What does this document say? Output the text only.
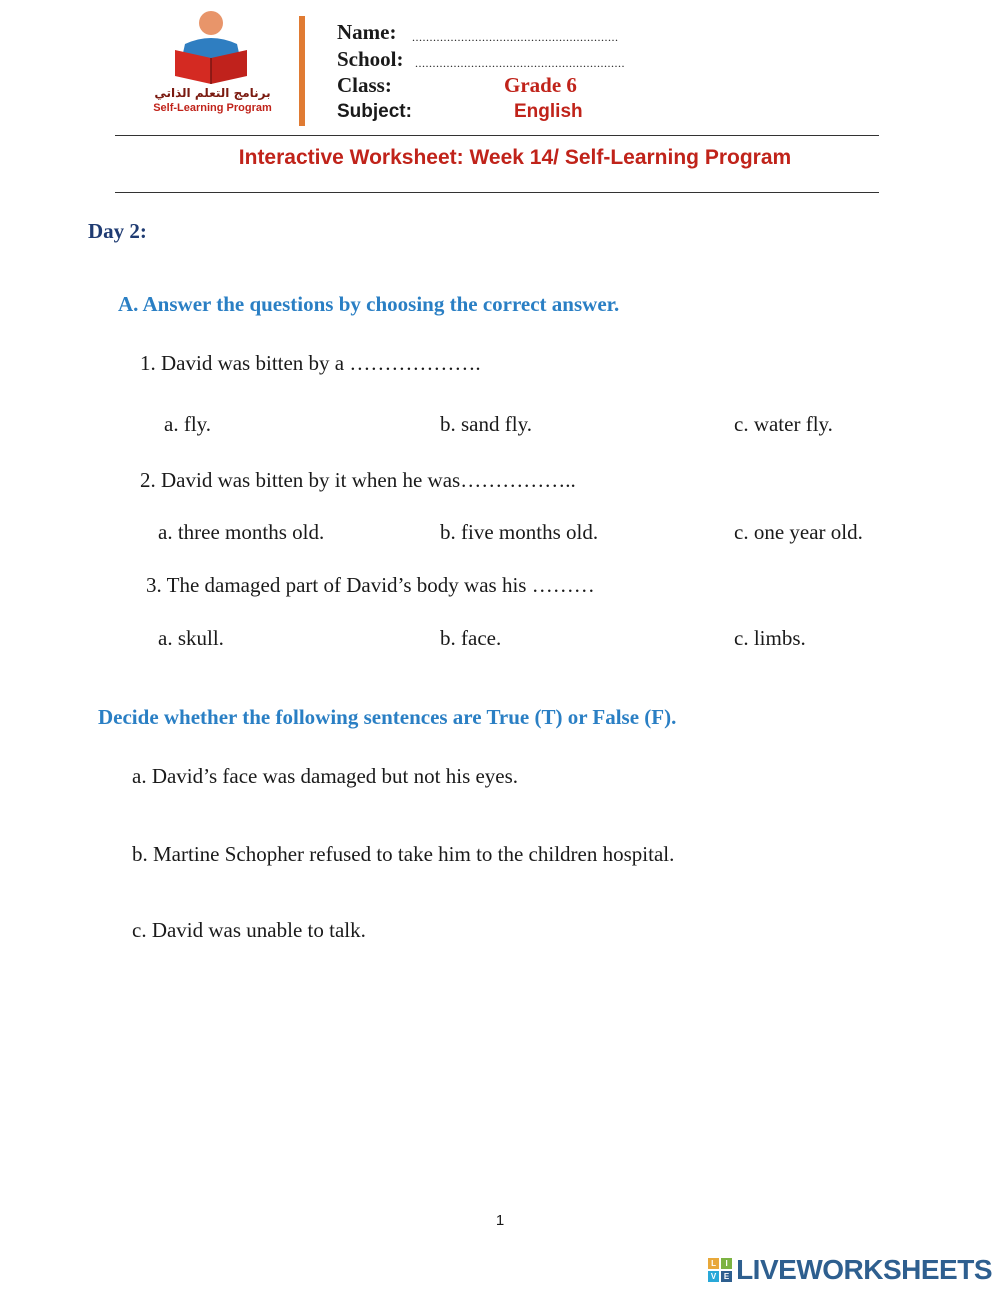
برنامج التعلم الذاتي
Self-Learning Program
Name: ...........................................................
School: ............................................................
Class:	Grade 6
Subject:	English
Interactive Worksheet: Week 14/ Self-Learning Program
Day 2:
A. Answer the questions by choosing the correct answer.
1. David was bitten by a ……………….
a. fly.	b. sand fly.	c. water fly.
2. David was bitten by it when he was……………..
a. three months old.	b. five months old.	c. one year old.
3. The damaged part of David’s body was his ………
a. skull.	b. face.	c. limbs.
Decide whether the following sentences are True (T) or False (F).
a. David’s face was damaged but not his eyes.
b. Martine Schopher refused to take him to the children hospital.
c. David was unable to talk.
1
L	I
V E LIVEWORKSHEETS
